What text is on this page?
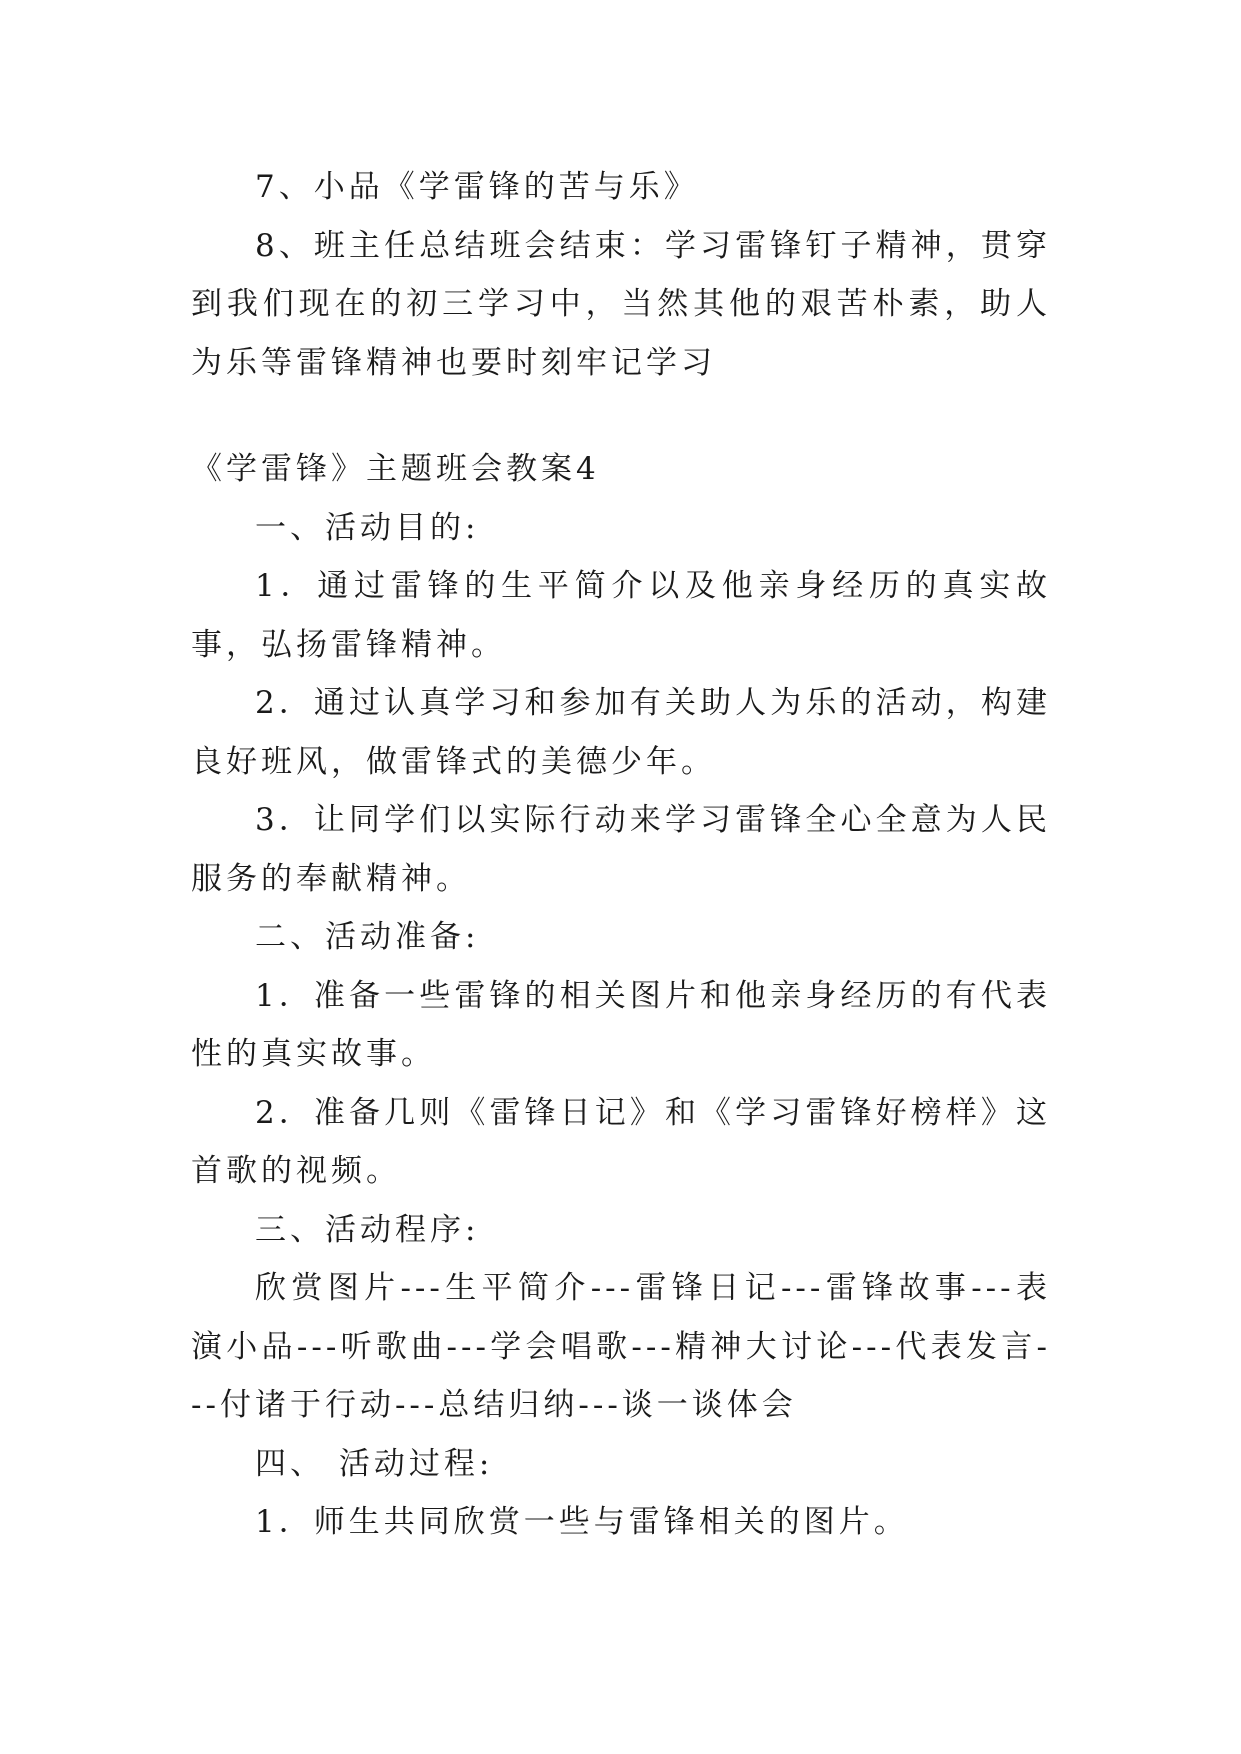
7、小品《学雷锋的苦与乐》

8、班主任总结班会结束：学习雷锋钉子精神，贯穿到我们现在的初三学习中，当然其他的艰苦朴素，助人为乐等雷锋精神也要时刻牢记学习

《学雷锋》主题班会教案4

一、活动目的:

1．通过雷锋的生平简介以及他亲身经历的真实故事，弘扬雷锋精神。

2．通过认真学习和参加有关助人为乐的活动，构建良好班风，做雷锋式的美德少年。

3．让同学们以实际行动来学习雷锋全心全意为人民服务的奉献精神。

二、活动准备:

1．准备一些雷锋的相关图片和他亲身经历的有代表性的真实故事。

2．准备几则《雷锋日记》和《学习雷锋好榜样》这首歌的视频。

三、活动程序:

欣赏图片---生平简介---雷锋日记---雷锋故事---表演小品---听歌曲---学会唱歌---精神大讨论---代表发言---付诸于行动---总结归纳---谈一谈体会

四、 活动过程:

1．师生共同欣赏一些与雷锋相关的图片。
